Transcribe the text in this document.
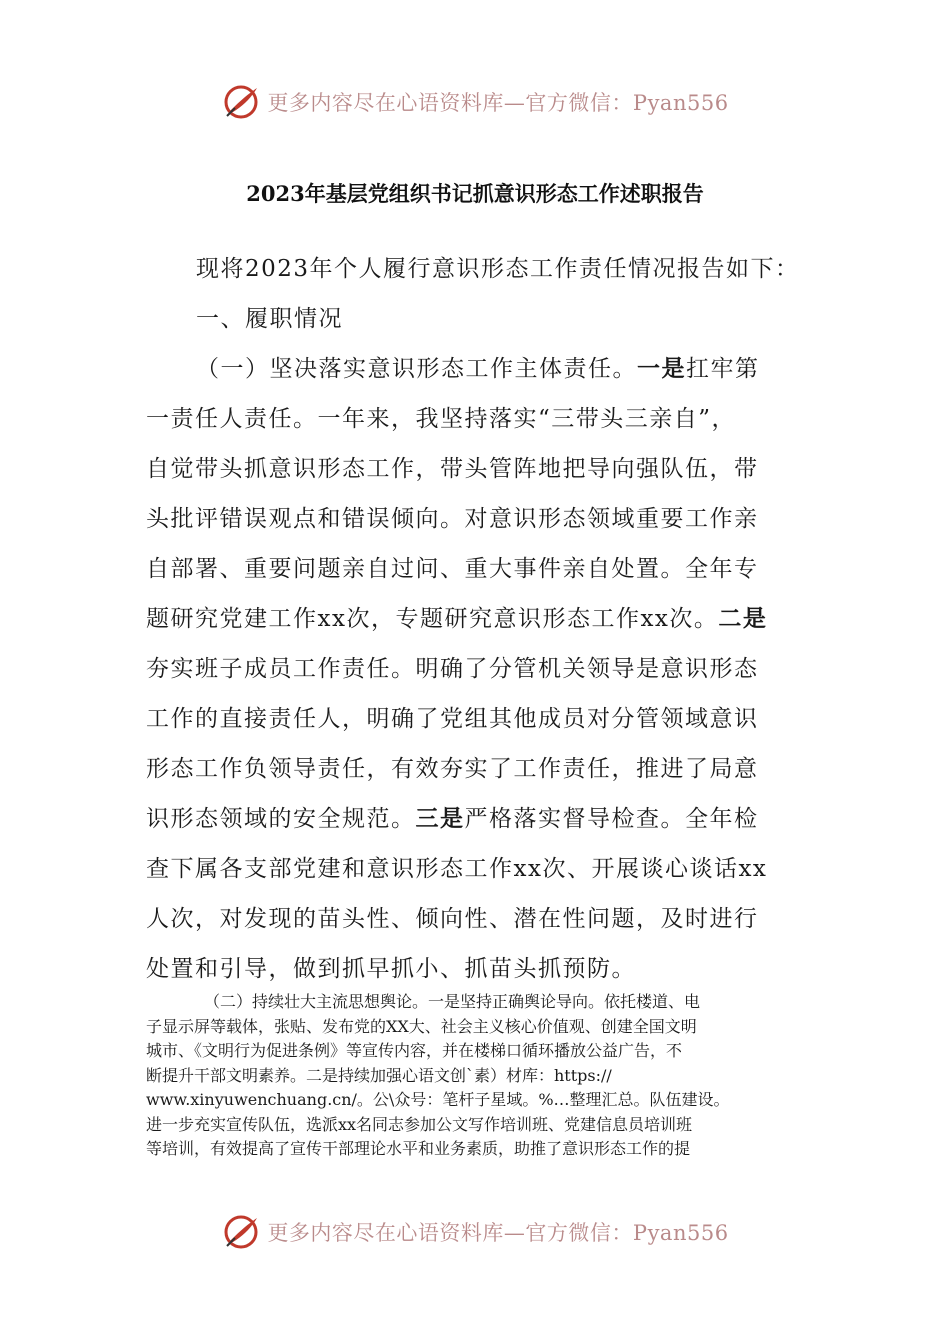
更多内容尽在心语资料库—官方微信：Pyan556
2023年基层党组织书记抓意识形态工作述职报告
现将2023年个人履行意识形态工作责任情况报告如下：
一、履职情况
（一）坚决落实意识形态工作主体责任。一是扛牢第
一责任人责任。一年来，我坚持落实“三带头三亲自”，
自觉带头抓意识形态工作，带头管阵地把导向强队伍，带
头批评错误观点和错误倾向。对意识形态领域重要工作亲
自部署、重要问题亲自过问、重大事件亲自处置。全年专
题研究党建工作xx次，专题研究意识形态工作xx次。二是
夯实班子成员工作责任。明确了分管机关领导是意识形态
工作的直接责任人，明确了党组其他成员对分管领域意识
形态工作负领导责任，有效夯实了工作责任，推进了局意
识形态领域的安全规范。三是严格落实督导检查。全年检
查下属各支部党建和意识形态工作xx次、开展谈心谈话xx
人次，对发现的苗头性、倾向性、潜在性问题，及时进行
处置和引导，做到抓早抓小、抓苗头抓预防。
（二）持续壮大主流思想舆论。一是坚持正确舆论导向。依托楼道、电
子显示屏等载体，张贴、发布党的XX大、社会主义核心价值观、创建全国文明
城市、《文明行为促进条例》等宣传内容，并在楼梯口循环播放公益广告，不
断提升干部文明素养。二是持续加强心语文创`素）材库：https://
www.xinyuwenchuang.cn/。公\众号：笔杆子星域。%…整理汇总。队伍建设。
进一步充实宣传队伍，选派xx名同志参加公文写作培训班、党建信息员培训班
等培训，有效提高了宣传干部理论水平和业务素质，助推了意识形态工作的提
更多内容尽在心语资料库—官方微信：Pyan556
